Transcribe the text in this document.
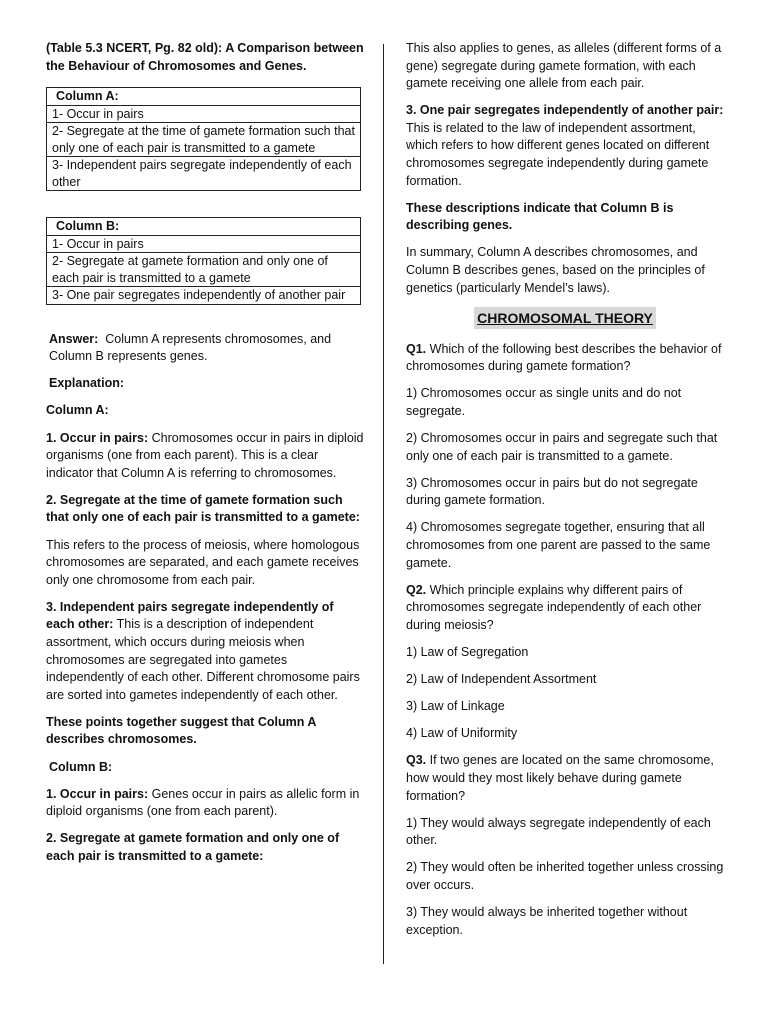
(Table 5.3 NCERT, Pg. 82 old): A Comparison between the Behaviour of Chromosomes and Genes.

Column A:
1- Occur in pairs
2- Segregate at the time of gamete formation such that only one of each pair is transmitted to a gamete
3- Independent pairs segregate independently of each other
Column B:
1- Occur in pairs
2- Segregate at gamete formation and only one of each pair is transmitted to a gamete
3- One pair segregates independently of another pair

Answer: Column A represents chromosomes, and Column B represents genes.

Explanation:

Column A:

1. Occur in pairs: Chromosomes occur in pairs in diploid organisms (one from each parent). This is a clear indicator that Column A is referring to chromosomes.

2. Segregate at the time of gamete formation such that only one of each pair is transmitted to a gamete:

This refers to the process of meiosis, where homologous chromosomes are separated, and each gamete receives only one chromosome from each pair.

3. Independent pairs segregate independently of each other: This is a description of independent assortment, which occurs during meiosis when chromosomes are segregated into gametes independently of each other. Different chromosome pairs are sorted into gametes independently of each other.

These points together suggest that Column A describes chromosomes.

Column B:

1. Occur in pairs: Genes occur in pairs as allelic form in diploid organisms (one from each parent).

2. Segregate at gamete formation and only one of each pair is transmitted to a gamete:

This also applies to genes, as alleles (different forms of a gene) segregate during gamete formation, with each gamete receiving one allele from each pair.

3. One pair segregates independently of another pair: This is related to the law of independent assortment, which refers to how different genes located on different chromosomes segregate independently during gamete formation.

These descriptions indicate that Column B is describing genes.

In summary, Column A describes chromosomes, and Column B describes genes, based on the principles of genetics (particularly Mendel’s laws).

CHROMOSOMAL THEORY

Q1. Which of the following best describes the behavior of chromosomes during gamete formation?

1) Chromosomes occur as single units and do not segregate.

2) Chromosomes occur in pairs and segregate such that only one of each pair is transmitted to a gamete.

3) Chromosomes occur in pairs but do not segregate during gamete formation.

4) Chromosomes segregate together, ensuring that all chromosomes from one parent are passed to the same gamete.

Q2. Which principle explains why different pairs of chromosomes segregate independently of each other during meiosis?

1) Law of Segregation

2) Law of Independent Assortment

3) Law of Linkage

4) Law of Uniformity

Q3. If two genes are located on the same chromosome, how would they most likely behave during gamete formation?

1) They would always segregate independently of each other.

2) They would often be inherited together unless crossing over occurs.

3) They would always be inherited together without exception.
